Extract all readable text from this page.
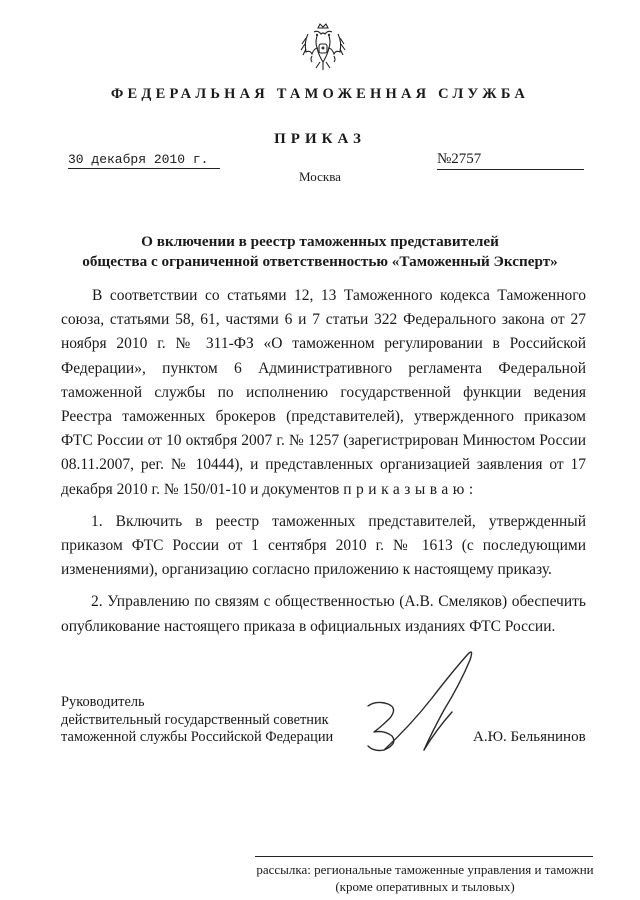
ФЕДЕРАЛЬНАЯ ТАМОЖЕННАЯ СЛУЖБА
ПРИКАЗ
30 декабря 2010 г.	№2757
Москва
О включении в реестр таможенных представителей
общества с ограниченной ответственностью «Таможенный Эксперт»

В соответствии со статьями 12, 13 Таможенного кодекса Таможенного союза, статьями 58, 61, частями 6 и 7 статьи 322 Федерального закона от 27 ноября 2010 г. № 311-ФЗ «О таможенном регулировании в Российской Федерации», пунктом 6 Административного регламента Федеральной таможенной службы по исполнению государственной функции ведения Реестра таможенных брокеров (представителей), утвержденного приказом ФТС России от 10 октября 2007 г. № 1257 (зарегистрирован Минюстом России 08.11.2007, рег. № 10444), и представленных организацией заявления от 17 декабря 2010 г. № 150/01-10 и документов приказываю:

1. Включить в реестр таможенных представителей, утвержденный приказом ФТС России от 1 сентября 2010 г. № 1613 (с последующими изменениями), организацию согласно приложению к настоящему приказу.

2. Управлению по связям с общественностью (А.В. Смеляков) обеспечить опубликование настоящего приказа в официальных изданиях ФТС России.

Руководитель
действительный государственный советник
таможенной службы Российской Федерации	А.Ю. Бельянинов
рассылка: региональные таможенные управления и таможни
(кроме оперативных и тыловых)
